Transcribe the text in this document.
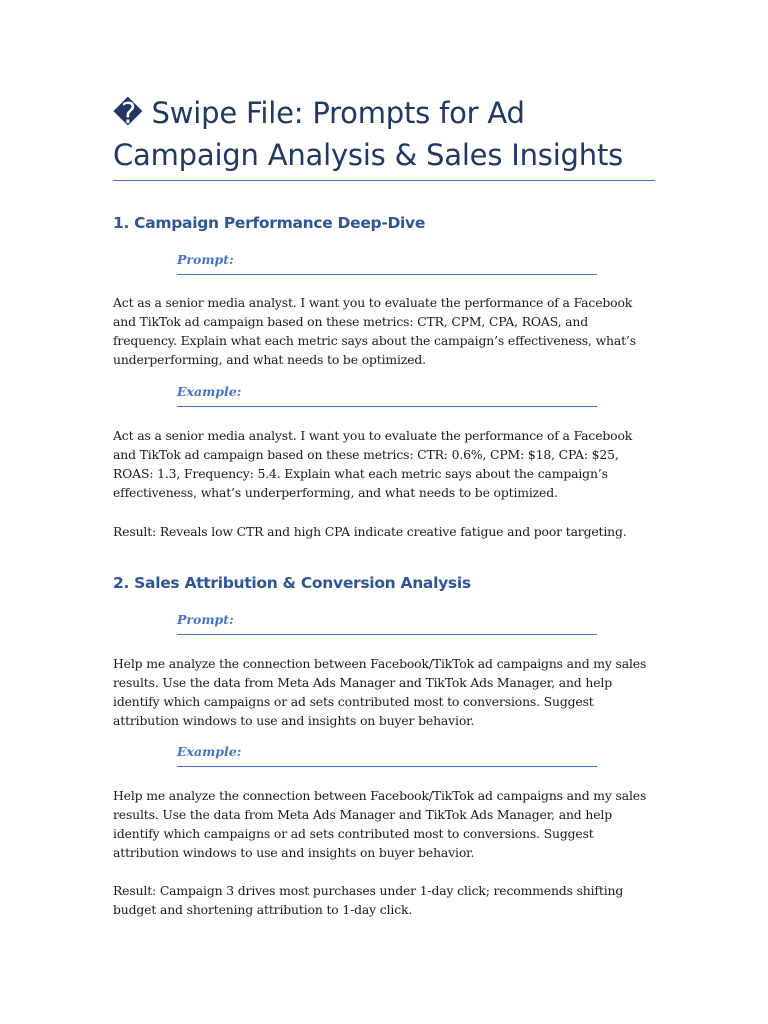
� Swipe File: Prompts for Ad Campaign Analysis & Sales Insights
1. Campaign Performance Deep-Dive
Prompt:

Act as a senior media analyst. I want you to evaluate the performance of a Facebook and TikTok ad campaign based on these metrics: CTR, CPM, CPA, ROAS, and frequency. Explain what each metric says about the campaign’s effectiveness, what’s underperforming, and what needs to be optimized.

Example:

Act as a senior media analyst. I want you to evaluate the performance of a Facebook and TikTok ad campaign based on these metrics: CTR: 0.6%, CPM: $18, CPA: $25, ROAS: 1.3, Frequency: 5.4. Explain what each metric says about the campaign’s effectiveness, what’s underperforming, and what needs to be optimized.

Result: Reveals low CTR and high CPA indicate creative fatigue and poor targeting.

2. Sales Attribution & Conversion Analysis
Prompt:

Help me analyze the connection between Facebook/TikTok ad campaigns and my sales results. Use the data from Meta Ads Manager and TikTok Ads Manager, and help identify which campaigns or ad sets contributed most to conversions. Suggest attribution windows to use and insights on buyer behavior.

Example:

Help me analyze the connection between Facebook/TikTok ad campaigns and my sales results. Use the data from Meta Ads Manager and TikTok Ads Manager, and help identify which campaigns or ad sets contributed most to conversions. Suggest attribution windows to use and insights on buyer behavior.

Result: Campaign 3 drives most purchases under 1-day click; recommends shifting budget and shortening attribution to 1-day click.
